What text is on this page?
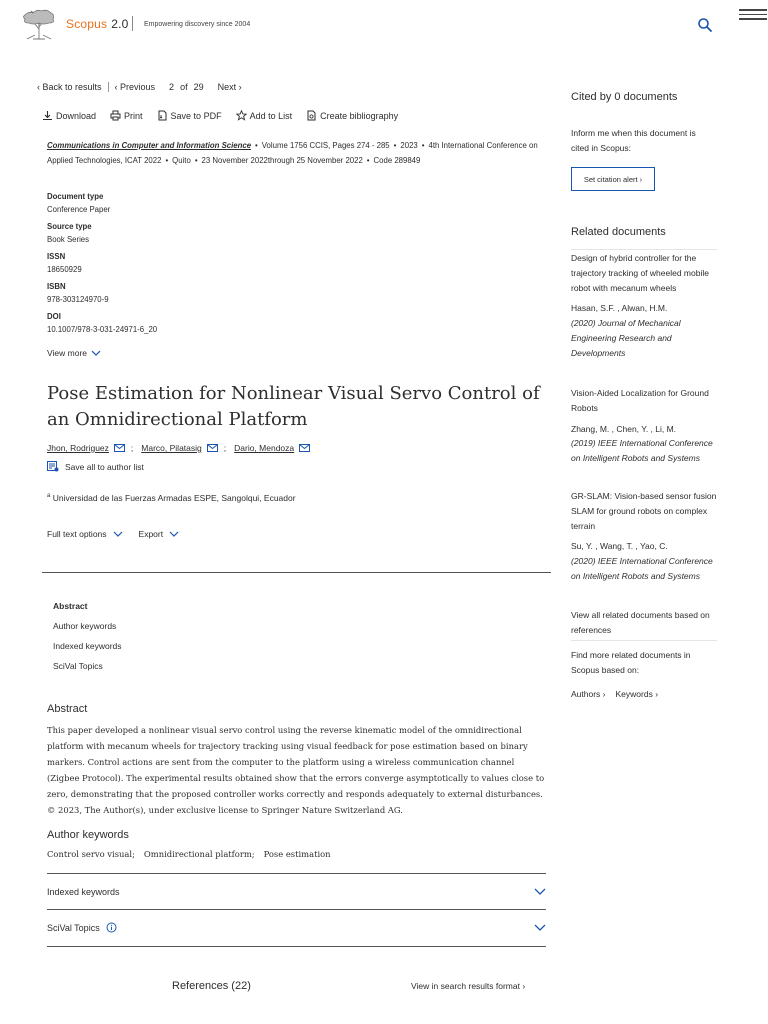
Scopus 2.0 Empowering discovery since 2004
‹ Back to results ‹ Previous 2 of 29 Next ›
Download	Print	Save to PDF	Add to List	Create bibliography
Communications in Computer and Information Science • Volume 1756 CCIS, Pages 274 - 285 • 2023 • 4th International Conference on Applied Technologies, ICAT 2022 • Quito • 23 November 2022through 25 November 2022 • Code 289849
Document type
Conference Paper
Source type
Book Series
ISSN
18650929
ISBN
978-303124970-9
DOI
10.1007/978-3-031-24971-6_20
View more
Pose Estimation for Nonlinear Visual Servo Control of an Omnidirectional Platform
Jhon, Rodriguez	; Marco, Pilatasig	; Dario, Mendoza
Save all to author list
$^a$ Universidad de las Fuerzas Armadas ESPE, Sangolqui, Ecuador
Full text options	Export
Abstract
Author keywords
Indexed keywords
SciVal Topics
Abstract
This paper developed a nonlinear visual servo control using the reverse kinematic model of the omnidirectional platform with mecanum wheels for trajectory tracking using visual feedback for pose estimation based on binary markers. Control actions are sent from the computer to the platform using a wireless communication channel (Zigbee Protocol). The experimental results obtained show that the errors converge asymptotically to values close to zero, demonstrating that the proposed controller works correctly and responds adequately to external disturbances.
© 2023, The Author(s), under exclusive license to Springer Nature Switzerland AG.
Author keywords
Control servo visual; Omnidirectional platform; Pose estimation
Indexed keywords
SciVal Topics
References (22)	View in search results format ›
Cited by 0 documents
Inform me when this document is cited in Scopus:
Set citation alert ›
Related documents
Design of hybrid controller for the trajectory tracking of wheeled mobile robot with mecanum wheels
Hasan, S.F. , Alwan, H.M.
(2020) Journal of Mechanical Engineering Research and Developments
Vision-Aided Localization for Ground Robots
Zhang, M. , Chen, Y. , Li, M.
(2019) IEEE International Conference on Intelligent Robots and Systems
GR-SLAM: Vision-based sensor fusion SLAM for ground robots on complex terrain
Su, Y. , Wang, T. , Yao, C.
(2020) IEEE International Conference on Intelligent Robots and Systems
View all related documents based on references
Find more related documents in Scopus based on:
Authors › Keywords ›
